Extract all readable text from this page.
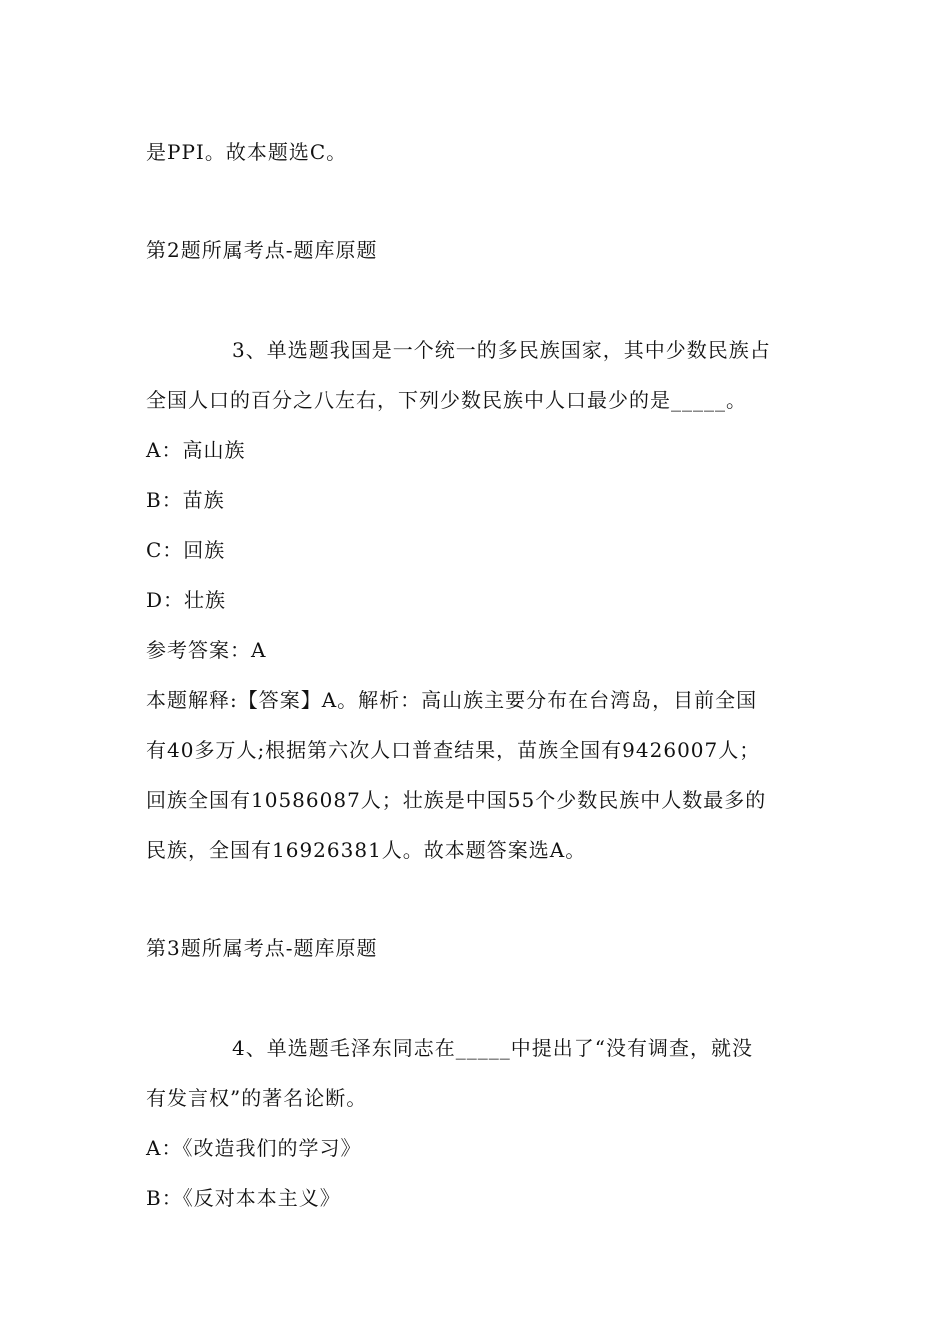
是PPI。故本题选C。
第2题所属考点-题库原题
3、单选题我国是一个统一的多民族国家，其中少数民族占
全国人口的百分之八左右，下列少数民族中人口最少的是_____。
A：高山族
B：苗族
C：回族
D：壮族
参考答案：A
本题解释:【答案】A。解析：高山族主要分布在台湾岛，目前全国
有40多万人;根据第六次人口普查结果，苗族全国有9426007人；
回族全国有10586087人；壮族是中国55个少数民族中人数最多的
民族，全国有16926381人。故本题答案选A。
第3题所属考点-题库原题
4、单选题毛泽东同志在_____中提出了“没有调查，就没
有发言权”的著名论断。
A：《改造我们的学习》
B：《反对本本主义》
